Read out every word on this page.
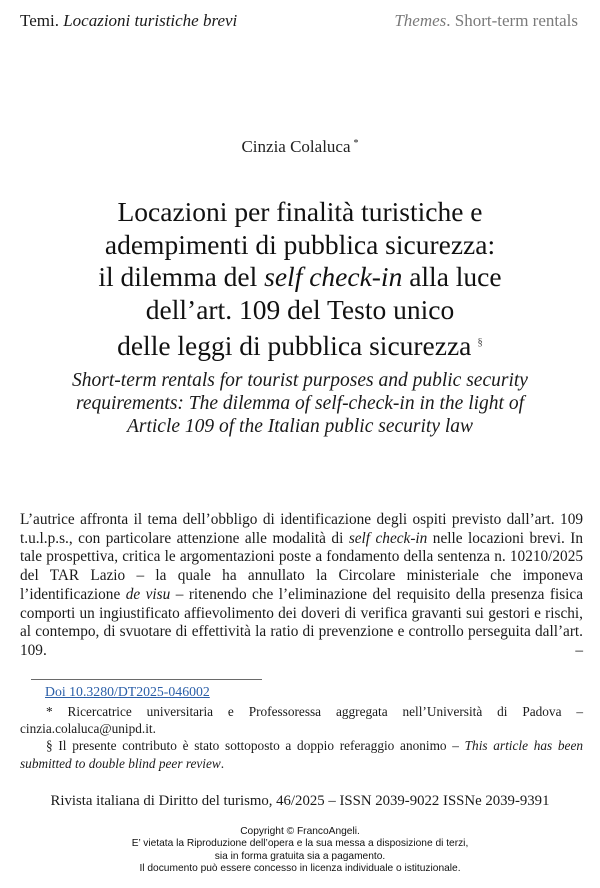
Temi. Locazioni turistiche brevi	Themes. Short-term rentals
Cinzia Colaluca *
Locazioni per finalità turistiche e
adempimenti di pubblica sicurezza:
il dilemma del self check-in alla luce
dell’art. 109 del Testo unico
delle leggi di pubblica sicurezza §
Short-term rentals for tourist purposes and public security
requirements: The dilemma of self-check-in in the light of
Article 109 of the Italian public security law

L’autrice affronta il tema dell’obbligo di identificazione degli ospiti previsto dall’art. 109 t.u.l.p.s., con particolare attenzione alle modalità di self check-in nelle locazioni brevi. In tale prospettiva, critica le argomentazioni poste a fondamento della sentenza n. 10210/2025 del TAR Lazio – la quale ha annullato la Circolare ministeriale che imponeva l’identificazione de visu – ritenendo che l’eliminazione del requisito della presenza fisica comporti un ingiustificato affievolimento dei doveri di verifica gravanti sui gestori e rischi, al contempo, di svuotare di effettività la ratio di prevenzione e controllo perseguita dall’art. 109. –

Doi 10.3280/DT2025-046002

* Ricercatrice universitaria e Professoressa aggregata nell’Università di Padova – cinzia.colaluca@unipd.it.

§ Il presente contributo è stato sottoposto a doppio referaggio anonimo – This article has been submitted to double blind peer review.

Rivista italiana di Diritto del turismo, 46/2025 – ISSN 2039-9022 ISSNe 2039-9391
Copyright © FrancoAngeli.
E’ vietata la Riproduzione dell’opera e la sua messa a disposizione di terzi,
sia in forma gratuita sia a pagamento.
Il documento può essere concesso in licenza individuale o istituzionale.
